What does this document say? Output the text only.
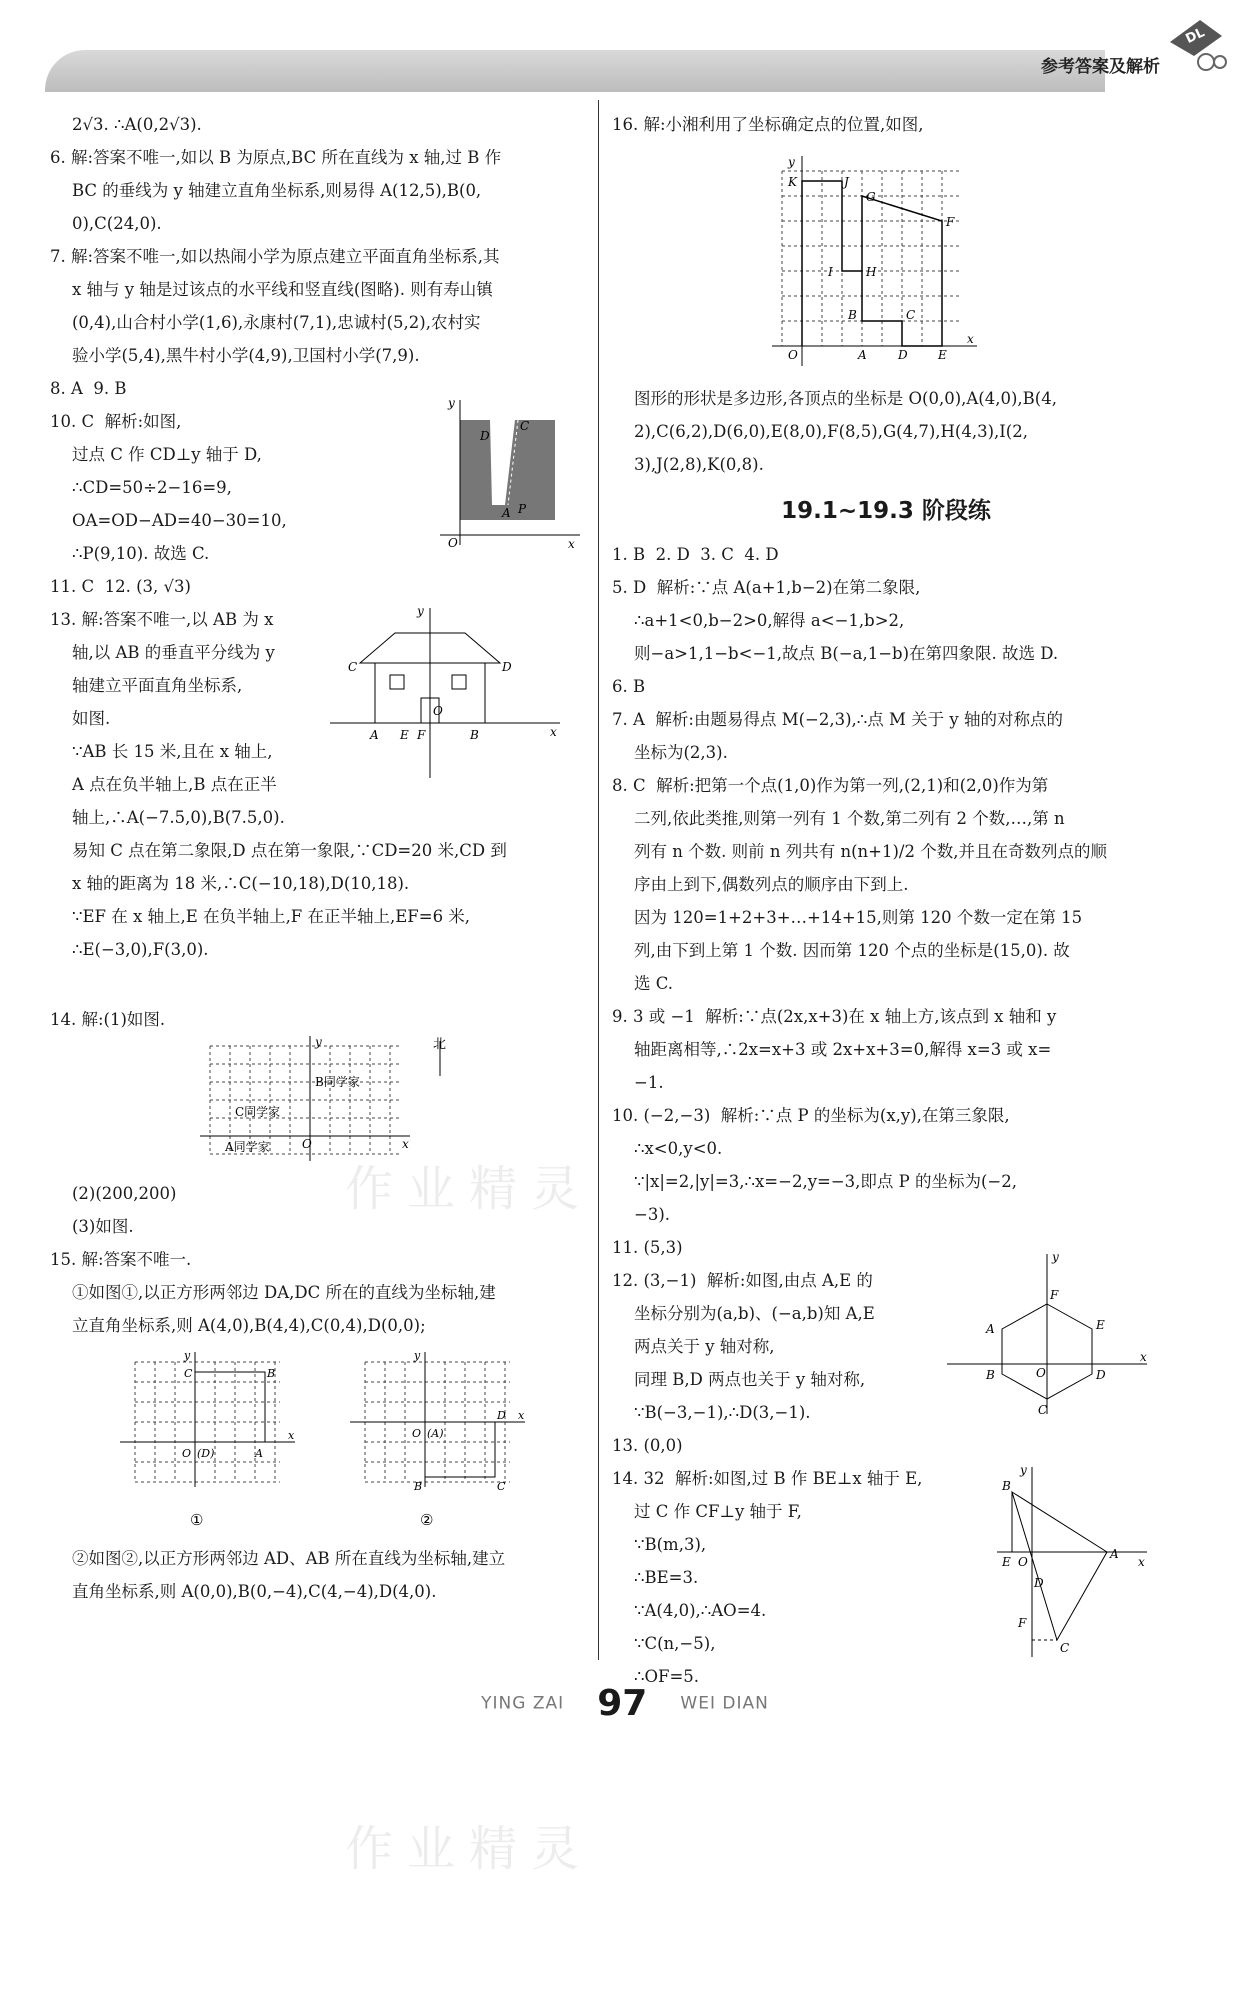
参考答案及解析
DL

2√3. ∴A(0,2√3).

6. 解:答案不唯一,如以 B 为原点,BC 所在直线为 x 轴,过 B 作

BC 的垂线为 y 轴建立直角坐标系,则易得 A(12,5),B(0,

0),C(24,0).

7. 解:答案不唯一,如以热闹小学为原点建立平面直角坐标系,其

x 轴与 y 轴是过该点的水平线和竖直线(图略). 则有寿山镇

(0,4),山合村小学(1,6),永康村(7,1),忠诚村(5,2),农村实

验小学(5,4),黑牛村小学(4,9),卫国村小学(7,9).

8. A  9. B

10. C  解析:如图,

过点 C 作 CD⊥y 轴于 D,

∴CD=50÷2−16=9,

OA=OD−AD=40−30=10,

∴P(9,10). 故选 C.

y
x
O
D
C
A P

11. C  12. (3, √3)

13. 解:答案不唯一,以 AB 为 x

轴,以 AB 的垂直平分线为 y

轴建立平面直角坐标系,

如图.

∵AB 长 15 米,且在 x 轴上,

A 点在负半轴上,B 点在正半

轴上,∴A(−7.5,0),B(7.5,0).

易知 C 点在第二象限,D 点在第一象限,∵CD=20 米,CD 到

x 轴的距离为 18 米,∴C(−10,18),D(10,18).

∵EF 在 x 轴上,E 在负半轴上,F 在正半轴上,EF=6 米,

∴E(−3,0),F(3,0).

y
x
C	D
A E F
O
B

14. 解:(1)如图.

北
B同学家
C同学家
A同学家	O
y
x

(2)(200,200)

(3)如图.

15. 解:答案不唯一.

①如图①,以正方形两邻边 DA,DC 所在的直线为坐标轴,建

立直角坐标系,则 A(4,0),B(4,4),C(0,4),D(0,0);

C	B
O (D)	A
x
y
①
O (A)
D
B	C
x
y
②

②如图②,以正方形两邻边 AD、AB 所在直线为坐标轴,建立

直角坐标系,则 A(0,0),B(0,−4),C(4,−4),D(4,0).

16. 解:小湘利用了坐标确定点的位置,如图,

y
x
O
K	J
G
F
I	H
B	C
A	D	E

图形的形状是多边形,各顶点的坐标是 O(0,0),A(4,0),B(4,

2),C(6,2),D(6,0),E(8,0),F(8,5),G(4,7),H(4,3),I(2,

3),J(2,8),K(0,8).

19.1~19.3 阶段练

1. B  2. D  3. C  4. D

5. D  解析:∵点 A(a+1,b−2)在第二象限,

∴a+1<0,b−2>0,解得 a<−1,b>2,

则−a>1,1−b<−1,故点 B(−a,1−b)在第四象限. 故选 D.

6. B

7. A  解析:由题易得点 M(−2,3),∴点 M 关于 y 轴的对称点的

坐标为(2,3).

8. C  解析:把第一个点(1,0)作为第一列,(2,1)和(2,0)作为第

二列,依此类推,则第一列有 1 个数,第二列有 2 个数,…,第 n

列有 n 个数. 则前 n 列共有 n(n+1)/2 个数,并且在奇数列点的顺

序由上到下,偶数列点的顺序由下到上.

因为 120=1+2+3+…+14+15,则第 120 个数一定在第 15

列,由下到上第 1 个数. 因而第 120 个点的坐标是(15,0). 故

选 C.

9. 3 或 −1  解析:∵点(2x,x+3)在 x 轴上方,该点到 x 轴和 y

轴距离相等,∴2x=x+3 或 2x+x+3=0,解得 x=3 或 x=

−1.

10. (−2,−3)  解析:∵点 P 的坐标为(x,y),在第三象限,

∴x<0,y<0.

∵|x|=2,|y|=3,∴x=−2,y=−3,即点 P 的坐标为(−2,

−3).

11. (5,3)

12. (3,−1)  解析:如图,由点 A,E 的

坐标分别为(a,b)、(−a,b)知 A,E

两点关于 y 轴对称,

同理 B,D 两点也关于 y 轴对称,

∵B(−3,−1),∴D(3,−1).

y
x
F
E
A
B	D
C
O

13. (0,0)

14. 32  解析:如图,过 B 作 BE⊥x 轴于 E,

过 C 作 CF⊥y 轴于 F,

∵B(m,3),

∴BE=3.

∵A(4,0),∴AO=4.

∵C(n,−5),

∴OF=5.

y
x
B
A
E O
D
F
C
YING ZAI 97 WEI DIAN
作业精灵
作业精灵
